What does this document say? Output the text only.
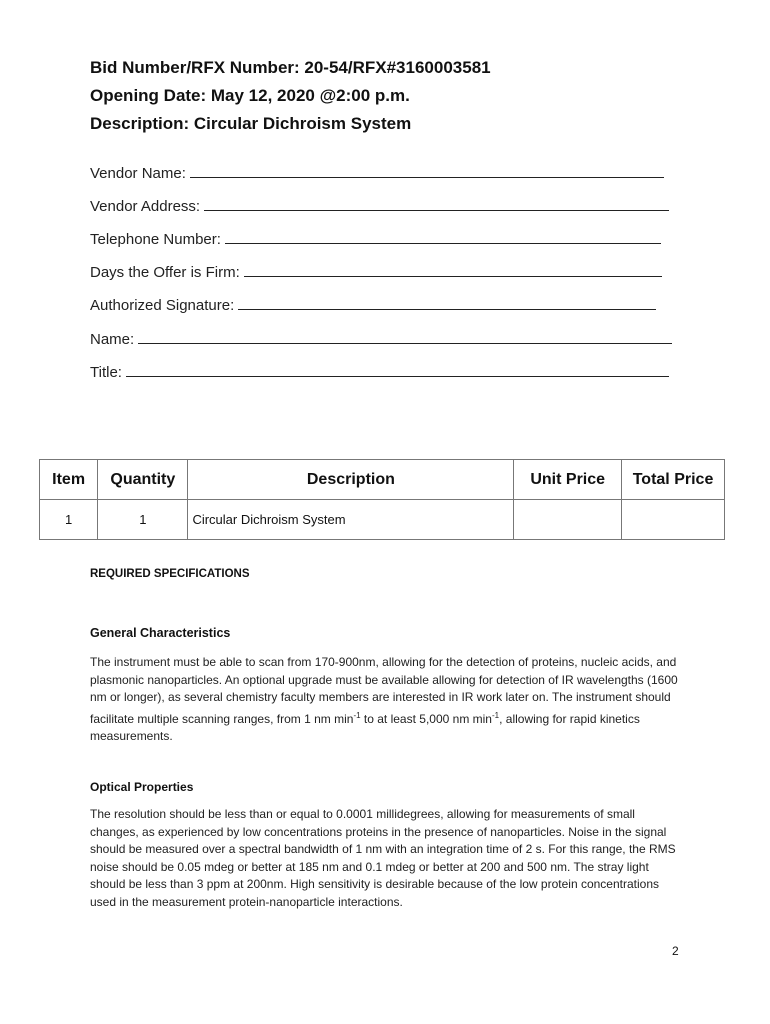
Bid Number/RFX Number: 20-54/RFX#3160003581
Opening Date: May 12, 2020 @2:00 p.m.
Description: Circular Dichroism System
Vendor Name:
Vendor Address:
Telephone Number:
Days the Offer is Firm:
Authorized Signature:
Name:
Title:
Item	Quantity	Description	Unit Price	Total Price
1	1	Circular Dichroism System		
REQUIRED SPECIFICATIONS
General Characteristics
The instrument must be able to scan from 170-900nm, allowing for the detection of proteins, nucleic acids, and plasmonic nanoparticles. An optional upgrade must be available allowing for detection of IR wavelengths (1600 nm or longer), as several chemistry faculty members are interested in IR work later on. The instrument should facilitate multiple scanning ranges, from 1 nm $\min^{-1}$ to at least 5,000 nm $\min^{-1}$, allowing for rapid kinetics measurements.
Optical Properties
The resolution should be less than or equal to 0.0001 millidegrees, allowing for measurements of small changes, as experienced by low concentrations proteins in the presence of nanoparticles. Noise in the signal should be measured over a spectral bandwidth of 1 nm with an integration time of 2 s. For this range, the RMS noise should be 0.05 mdeg or better at 185 nm and 0.1 mdeg or better at 200 and 500 nm. The stray light should be less than 3 ppm at 200nm. High sensitivity is desirable because of the low protein concentrations used in the measurement protein-nanoparticle interactions.
2
